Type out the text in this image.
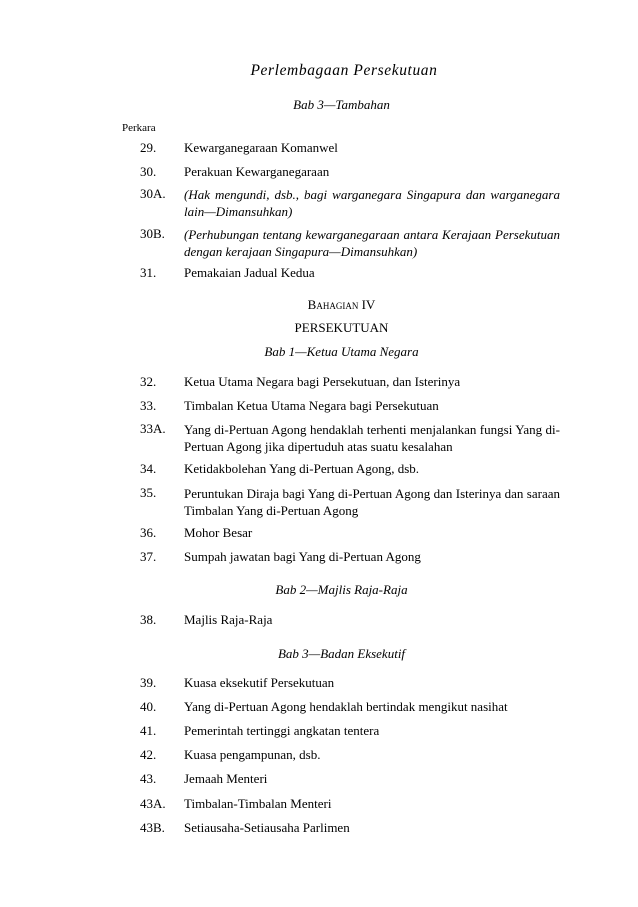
Perlembagaan Persekutuan
Bab 3—Tambahan
Perkara
29.	Kewarganegaraan Komanwel
30.	Perakuan Kewarganegaraan
30A.	(Hak mengundi, dsb., bagi warganegara Singapura dan warganegara lain—Dimansuhkan)
30B.	(Perhubungan tentang kewarganegaraan antara Kerajaan Persekutuan dengan kerajaan Singapura—Dimansuhkan)
31.	Pemakaian Jadual Kedua
Bahagian IV
PERSEKUTUAN
Bab 1—Ketua Utama Negara
32.	Ketua Utama Negara bagi Persekutuan, dan Isterinya
33.	Timbalan Ketua Utama Negara bagi Persekutuan
33A.	Yang di-Pertuan Agong hendaklah terhenti menjalankan fungsi Yang di-Pertuan Agong jika dipertuduh atas suatu kesalahan
34.	Ketidakbolehan Yang di-Pertuan Agong, dsb.
35.	Peruntukan Diraja bagi Yang di-Pertuan Agong dan Isterinya dan saraan Timbalan Yang di-Pertuan Agong
36.	Mohor Besar
37.	Sumpah jawatan bagi Yang di-Pertuan Agong
Bab 2—Majlis Raja-Raja
38.	Majlis Raja-Raja
Bab 3—Badan Eksekutif
39.	Kuasa eksekutif Persekutuan
40.	Yang di-Pertuan Agong hendaklah bertindak mengikut nasihat
41.	Pemerintah tertinggi angkatan tentera
42.	Kuasa pengampunan, dsb.
43.	Jemaah Menteri
43A.	Timbalan-Timbalan Menteri
43B.	Setiausaha-Setiausaha Parlimen
